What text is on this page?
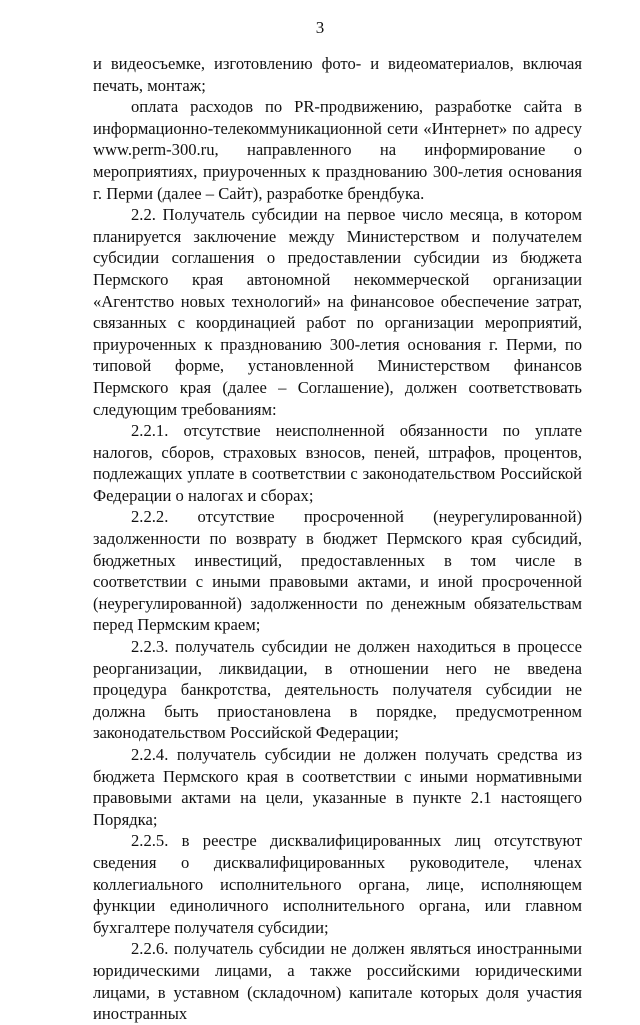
3

и видеосъемке, изготовлению фото- и видеоматериалов, включая печать, монтаж;

оплата расходов по PR-продвижению, разработке сайта в информационно-телекоммуникационной сети «Интернет» по адресу www.perm-300.ru, направленного на информирование о мероприятиях, приуроченных к празднованию 300-летия основания г. Перми (далее – Сайт), разработке брендбука.

2.2. Получатель субсидии на первое число месяца, в котором планируется заключение между Министерством и получателем субсидии соглашения о предоставлении субсидии из бюджета Пермского края автономной некоммерческой организации «Агентство новых технологий» на финансовое обеспечение затрат, связанных с координацией работ по организации мероприятий, приуроченных к празднованию 300-летия основания г. Перми, по типовой форме, установленной Министерством финансов Пермского края (далее – Соглашение), должен соответствовать следующим требованиям:

2.2.1. отсутствие неисполненной обязанности по уплате налогов, сборов, страховых взносов, пеней, штрафов, процентов, подлежащих уплате в соответствии с законодательством Российской Федерации о налогах и сборах;

2.2.2. отсутствие просроченной (неурегулированной) задолженности по возврату в бюджет Пермского края субсидий, бюджетных инвестиций, предоставленных в том числе в соответствии с иными правовыми актами, и иной просроченной (неурегулированной) задолженности по денежным обязательствам перед Пермским краем;

2.2.3. получатель субсидии не должен находиться в процессе реорганизации, ликвидации, в отношении него не введена процедура банкротства, деятельность получателя субсидии не должна быть приостановлена в порядке, предусмотренном законодательством Российской Федерации;

2.2.4. получатель субсидии не должен получать средства из бюджета Пермского края в соответствии с иными нормативными правовыми актами на цели, указанные в пункте 2.1 настоящего Порядка;

2.2.5. в реестре дисквалифицированных лиц отсутствуют сведения о дисквалифицированных руководителе, членах коллегиального исполнительного органа, лице, исполняющем функции единоличного исполнительного органа, или главном бухгалтере получателя субсидии;

2.2.6. получатель субсидии не должен являться иностранными юридическими лицами, а также российскими юридическими лицами, в уставном (складочном) капитале которых доля участия иностранных
